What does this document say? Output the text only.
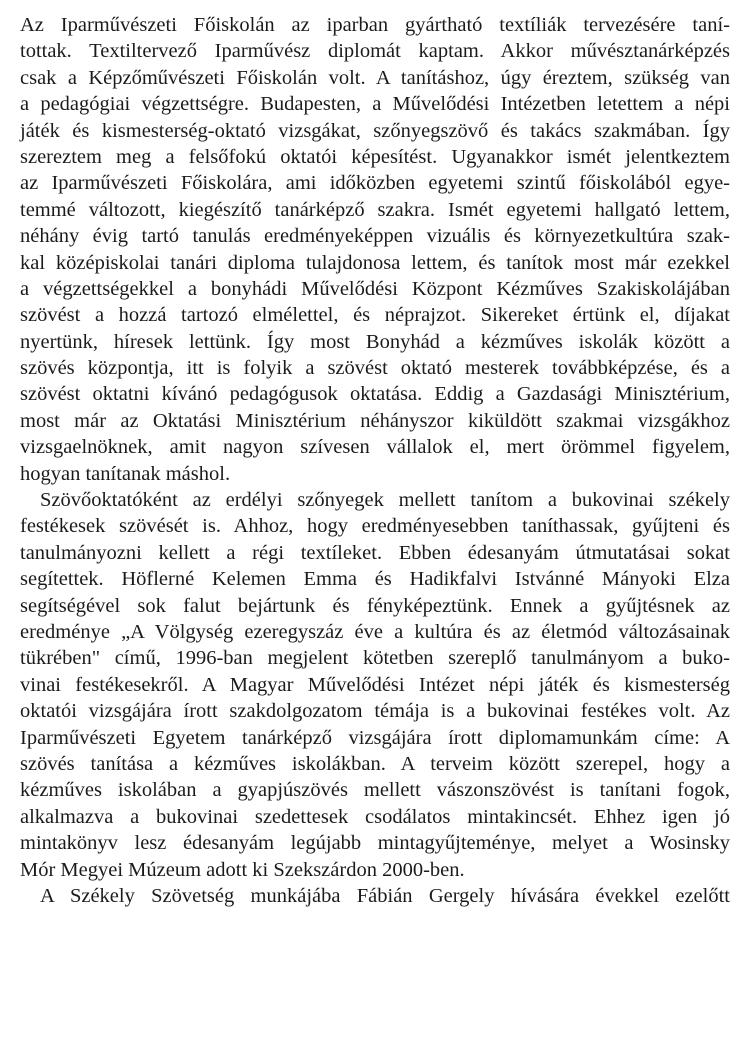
Az Iparművészeti Főiskolán az iparban gyártható textíliák tervezésére taní-
tottak. Textiltervező Iparművész diplomát kaptam. Akkor művésztanárképzés
csak a Képzőművészeti Főiskolán volt. A tanításhoz, úgy éreztem, szükség van
a pedagógiai végzettségre. Budapesten, a Művelődési Intézetben letettem a népi
játék és kismesterség-oktató vizsgákat, szőnyegszövő és takács szakmában. Így
szereztem meg a felsőfokú oktatói képesítést. Ugyanakkor ismét jelentkeztem
az Iparművészeti Főiskolára, ami időközben egyetemi szintű főiskolából egye-
temmé változott, kiegészítő tanárképző szakra. Ismét egyetemi hallgató lettem,
néhány évig tartó tanulás eredményeképpen vizuális és környezetkultúra szak-
kal középiskolai tanári diploma tulajdonosa lettem, és tanítok most már ezekkel
a végzettségekkel a bonyhádi Művelődési Központ Kézműves Szakiskolájában
szövést a hozzá tartozó elmélettel, és néprajzot. Sikereket értünk el, díjakat
nyertünk, híresek lettünk. Így most Bonyhád a kézműves iskolák között a
szövés központja, itt is folyik a szövést oktató mesterek továbbképzése, és a
szövést oktatni kívánó pedagógusok oktatása. Eddig a Gazdasági Minisztérium,
most már az Oktatási Minisztérium néhányszor kiküldött szakmai vizsgákhoz
vizsgaelnöknek, amit nagyon szívesen vállalok el, mert örömmel figyelem,
hogyan tanítanak máshol.
Szövőoktatóként az erdélyi szőnyegek mellett tanítom a bukovinai székely
festékesek szövését is. Ahhoz, hogy eredményesebben taníthassak, gyűjteni és
tanulmányozni kellett a régi textíleket. Ebben édesanyám útmutatásai sokat
segítettek. Höflerné Kelemen Emma és Hadikfalvi Istvánné Mányoki Elza
segítségével sok falut bejártunk és fényképeztünk. Ennek a gyűjtésnek az
eredménye „A Völgység ezeregyszáz éve a kultúra és az életmód változásainak
tükrében" című, 1996-ban megjelent kötetben szereplő tanulmányom a buko-
vinai festékesekről. A Magyar Művelődési Intézet népi játék és kismesterség
oktatói vizsgájára írott szakdolgozatom témája is a bukovinai festékes volt. Az
Iparművészeti Egyetem tanárképző vizsgájára írott diplomamunkám címe: A
szövés tanítása a kézműves iskolákban. A terveim között szerepel, hogy a
kézműves iskolában a gyapjúszövés mellett vászonszövést is tanítani fogok,
alkalmazva a bukovinai szedettesek csodálatos mintakincsét. Ehhez igen jó
mintakönyv lesz édesanyám legújabb mintagyűjteménye, melyet a Wosinsky
Mór Megyei Múzeum adott ki Szekszárdon 2000-ben.
A Székely Szövetség munkájába Fábián Gergely hívására évekkel ezelőtt
